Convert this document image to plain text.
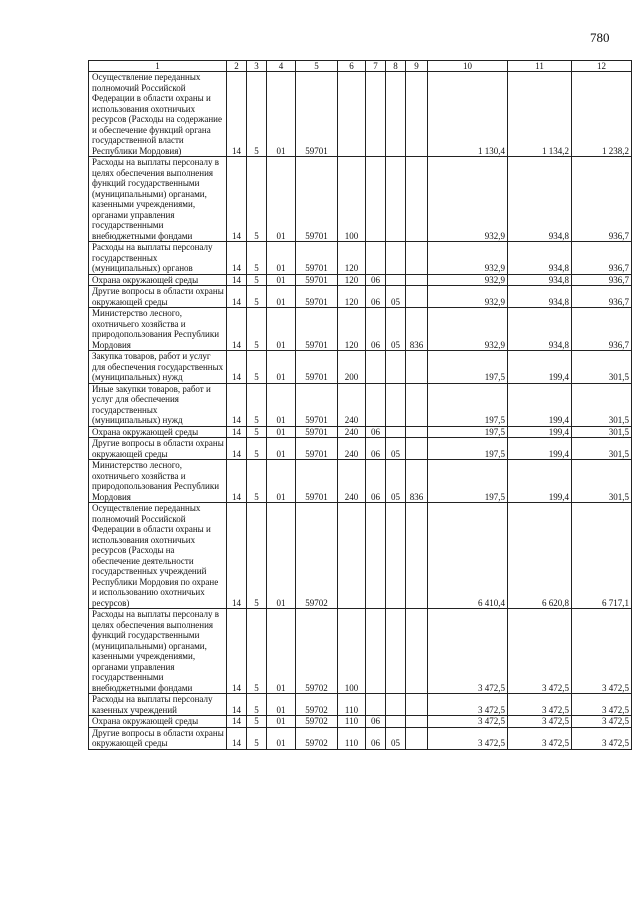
780
1	2	3	4	5	6	7	8	9	10	11	12
Осуществление переданных полномочий Российской Федерации в области охраны и использования охотничьих ресурсов (Расходы на содержание и обеспечение функций органа государственной власти Республики Мордовия)	14	5	01	59701					1 130,4	1 134,2	1 238,2
Расходы на выплаты персоналу в целях обеспечения выполнения функций государственными (муниципальными) органами, казенными учреждениями, органами управления государственными внебюджетными фондами	14	5	01	59701	100				932,9	934,8	936,7
Расходы на выплаты персоналу государственных (муниципальных) органов	14	5	01	59701	120				932,9	934,8	936,7
Охрана окружающей среды	14	5	01	59701	120	06			932,9	934,8	936,7
Другие вопросы в области охраны окружающей среды	14	5	01	59701	120	06	05		932,9	934,8	936,7
Министерство лесного, охотничьего хозяйства и природопользования Республики Мордовия	14	5	01	59701	120	06	05	836	932,9	934,8	936,7
Закупка товаров, работ и услуг для обеспечения государственных (муниципальных) нужд	14	5	01	59701	200				197,5	199,4	301,5
Иные закупки товаров, работ и услуг для обеспечения государственных (муниципальных) нужд	14	5	01	59701	240				197,5	199,4	301,5
Охрана окружающей среды	14	5	01	59701	240	06			197,5	199,4	301,5
Другие вопросы в области охраны окружающей среды	14	5	01	59701	240	06	05		197,5	199,4	301,5
Министерство лесного, охотничьего хозяйства и природопользования Республики Мордовия	14	5	01	59701	240	06	05	836	197,5	199,4	301,5
Осуществление переданных полномочий Российской Федерации в области охраны и использования охотничьих ресурсов (Расходы на обеспечение деятельности государственных учреждений Республики Мордовия по охране и использованию охотничьих ресурсов)	14	5	01	59702					6 410,4	6 620,8	6 717,1
Расходы на выплаты персоналу в целях обеспечения выполнения функций государственными (муниципальными) органами, казенными учреждениями, органами управления государственными внебюджетными фондами	14	5	01	59702	100				3 472,5	3 472,5	3 472,5
Расходы на выплаты персоналу казенных учреждений	14	5	01	59702	110				3 472,5	3 472,5	3 472,5
Охрана окружающей среды	14	5	01	59702	110	06			3 472,5	3 472,5	3 472,5
Другие вопросы в области охраны окружающей среды	14	5	01	59702	110	06	05		3 472,5	3 472,5	3 472,5
